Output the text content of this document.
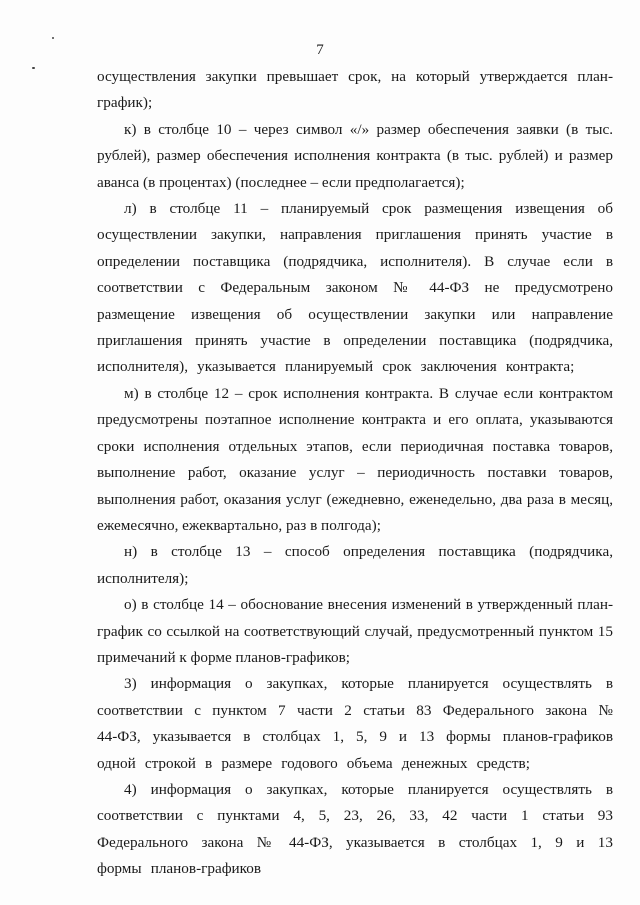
7

осуществления закупки превышает срок, на который утверждается план-график);

к) в столбце 10 – через символ «/» размер обеспечения заявки (в тыс. рублей), размер обеспечения исполнения контракта (в тыс. рублей) и размер аванса (в процентах) (последнее – если предполагается);

л) в столбце 11 – планируемый срок размещения извещения об осуществлении закупки, направления приглашения принять участие в определении поставщика (подрядчика, исполнителя). В случае если в соответствии с Федеральным законом № 44-ФЗ не предусмотрено размещение извещения об осуществлении закупки или направление приглашения принять участие в определении поставщика (подрядчика, исполнителя), указывается планируемый срок заключения контракта;

м) в столбце 12 – срок исполнения контракта. В случае если контрактом предусмотрены поэтапное исполнение контракта и его оплата, указываются сроки исполнения отдельных этапов, если периодичная поставка товаров, выполнение работ, оказание услуг – периодичность поставки товаров, выполнения работ, оказания услуг (ежедневно, еженедельно, два раза в месяц, ежемесячно, ежеквартально, раз в полгода);

н) в столбце 13 – способ определения поставщика (подрядчика, исполнителя);

о) в столбце 14 – обоснование внесения изменений в утвержденный план-график со ссылкой на соответствующий случай, предусмотренный пунктом 15 примечаний к форме планов-графиков;

3) информация о закупках, которые планируется осуществлять в соответствии с пунктом 7 части 2 статьи 83 Федерального закона № 44-ФЗ, указывается в столбцах 1, 5, 9 и 13 формы планов-графиков одной строкой в размере годового объема денежных средств;

4) информация о закупках, которые планируется осуществлять в соответствии с пунктами 4, 5, 23, 26, 33, 42 части 1 статьи 93 Федерального закона № 44-ФЗ, указывается в столбцах 1, 9 и 13 формы планов-графиков
